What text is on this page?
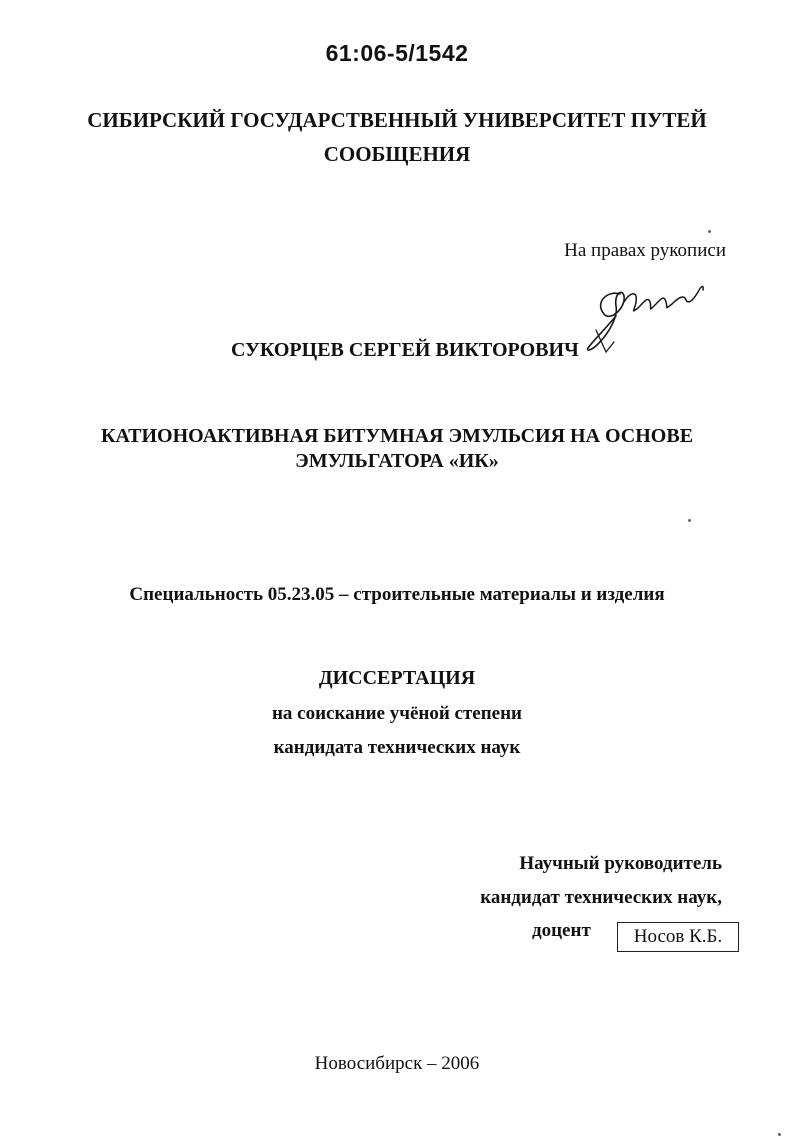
61:06-5/1542
СИБИРСКИЙ ГОСУДАРСТВЕННЫЙ УНИВЕРСИТЕТ ПУТЕЙ
СООБЩЕНИЯ
На правах рукописи
СУКОРЦЕВ СЕРГЕЙ ВИКТОРОВИЧ
КАТИОНОАКТИВНАЯ БИТУМНАЯ ЭМУЛЬСИЯ НА ОСНОВЕ
ЭМУЛЬГАТОРА «ИК»
Специальность 05.23.05 – строительные материалы и изделия
ДИССЕРТАЦИЯ
на соискание учёной степени
кандидата технических наук
Научный руководитель
кандидат технических наук,
доцент	Носов К.Б.
Новосибирск – 2006
